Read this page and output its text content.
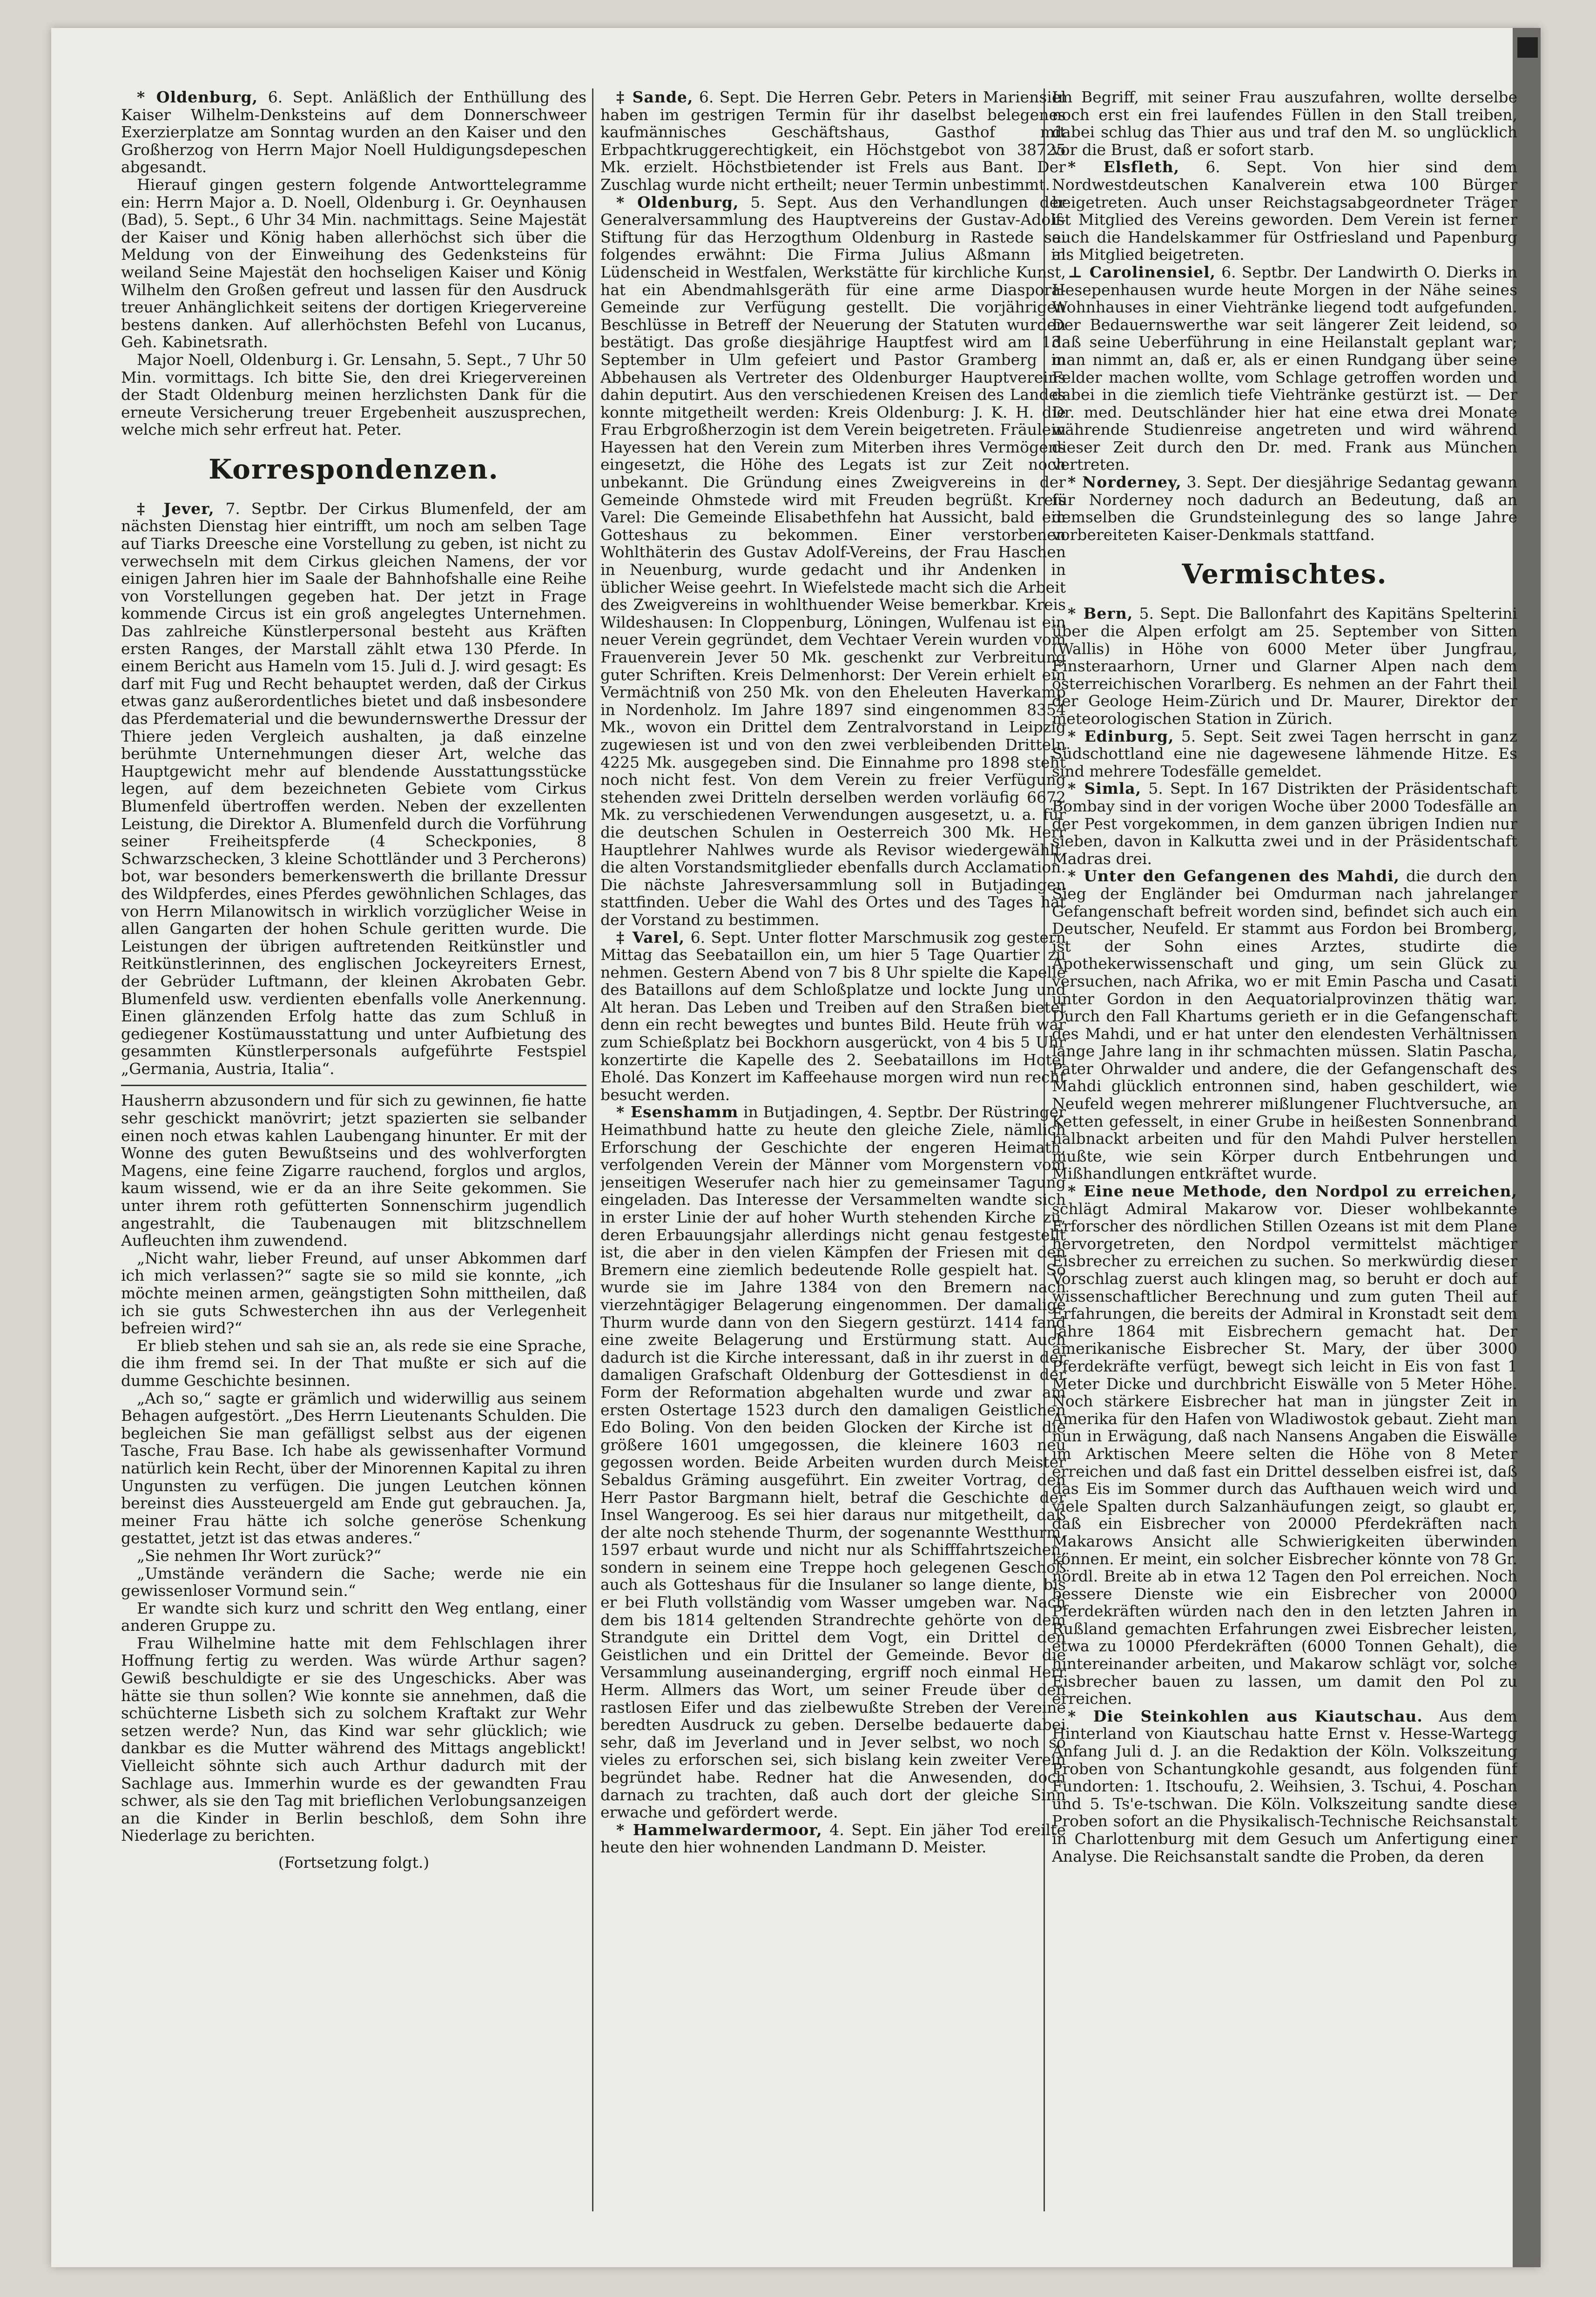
* Oldenburg, 6. Sept. Anläßlich der Enthüllung des Kaiser Wilhelm-Denksteins auf dem Donnerschweer Exerzierplatze am Sonntag wurden an den Kaiser und den Großherzog von Herrn Major Noell Huldigungsdepeschen abgesandt.

Hierauf gingen gestern folgende Antworttelegramme ein: Herrn Major a. D. Noell, Oldenburg i. Gr. Oeynhausen (Bad), 5. Sept., 6 Uhr 34 Min. nachmittags. Seine Majestät der Kaiser und König haben allerhöchst sich über die Meldung von der Einweihung des Gedenksteins für weiland Seine Majestät den hochseligen Kaiser und König Wilhelm den Großen gefreut und lassen für den Ausdruck treuer Anhänglichkeit seitens der dortigen Kriegervereine bestens danken. Auf allerhöchsten Befehl von Lucanus, Geh. Kabinetsrath.

Major Noell, Oldenburg i. Gr. Lensahn, 5. Sept., 7 Uhr 50 Min. vormittags. Ich bitte Sie, den drei Kriegervereinen der Stadt Oldenburg meinen herzlichsten Dank für die erneute Versicherung treuer Ergebenheit auszusprechen, welche mich sehr erfreut hat. Peter.

Korrespondenzen.

‡ Jever, 7. Septbr. Der Cirkus Blumenfeld, der am nächsten Dienstag hier eintrifft, um noch am selben Tage auf Tiarks Dreesche eine Vorstellung zu geben, ist nicht zu verwechseln mit dem Cirkus gleichen Namens, der vor einigen Jahren hier im Saale der Bahnhofshalle eine Reihe von Vorstellungen gegeben hat. Der jetzt in Frage kommende Circus ist ein groß angelegtes Unternehmen. Das zahlreiche Künstlerpersonal besteht aus Kräften ersten Ranges, der Marstall zählt etwa 130 Pferde. In einem Bericht aus Hameln vom 15. Juli d. J. wird gesagt: Es darf mit Fug und Recht behauptet werden, daß der Cirkus etwas ganz außerordentliches bietet und daß insbesondere das Pferdematerial und die bewundernswerthe Dressur der Thiere jeden Vergleich aushalten, ja daß einzelne berühmte Unternehmungen dieser Art, welche das Hauptgewicht mehr auf blendende Ausstattungsstücke legen, auf dem bezeichneten Gebiete vom Cirkus Blumenfeld übertroffen werden. Neben der exzellenten Leistung, die Direktor A. Blumenfeld durch die Vorführung seiner Freiheitspferde (4 Scheckponies, 8 Schwarzschecken, 3 kleine Schottländer und 3 Percherons) bot, war besonders bemerkenswerth die brillante Dressur des Wildpferdes, eines Pferdes gewöhnlichen Schlages, das von Herrn Milanowitsch in wirklich vorzüglicher Weise in allen Gangarten der hohen Schule geritten wurde. Die Leistungen der übrigen auftretenden Reitkünstler und Reitkünstlerinnen, des englischen Jockeyreiters Ernest, der Gebrüder Luftmann, der kleinen Akrobaten Gebr. Blumenfeld usw. verdienten ebenfalls volle Anerkennung. Einen glänzenden Erfolg hatte das zum Schluß in gediegener Kostümausstattung und unter Aufbietung des gesammten Künstlerpersonals aufgeführte Festspiel „Germania, Austria, Italia“.

Hausherrn abzusondern und für sich zu gewinnen, fie hatte sehr geschickt manövrirt; jetzt spazierten sie selbander einen noch etwas kahlen Laubengang hinunter. Er mit der Wonne des guten Bewußtseins und des wohlverforgten Magens, eine feine Zigarre rauchend, forglos und arglos, kaum wissend, wie er da an ihre Seite gekommen. Sie unter ihrem roth gefütterten Sonnenschirm jugendlich angestrahlt, die Taubenaugen mit blitzschnellem Aufleuchten ihm zuwendend.

„Nicht wahr, lieber Freund, auf unser Abkommen darf ich mich verlassen?“ sagte sie so mild sie konnte, „ich möchte meinen armen, geängstigten Sohn mittheilen, daß ich sie guts Schwesterchen ihn aus der Verlegenheit befreien wird?“

Er blieb stehen und sah sie an, als rede sie eine Sprache, die ihm fremd sei. In der That mußte er sich auf die dumme Geschichte besinnen.

„Ach so,“ sagte er grämlich und widerwillig aus seinem Behagen aufgestört. „Des Herrn Lieutenants Schulden. Die begleichen Sie man gefälligst selbst aus der eigenen Tasche, Frau Base. Ich habe als gewissenhafter Vormund natürlich kein Recht, über der Minorennen Kapital zu ihren Ungunsten zu verfügen. Die jungen Leutchen können bereinst dies Aussteuergeld am Ende gut gebrauchen. Ja, meiner Frau hätte ich solche generöse Schenkung gestattet, jetzt ist das etwas anderes.“

„Sie nehmen Ihr Wort zurück?“

„Umstände verändern die Sache; werde nie ein gewissenloser Vormund sein.“

Er wandte sich kurz und schritt den Weg entlang, einer anderen Gruppe zu.

Frau Wilhelmine hatte mit dem Fehlschlagen ihrer Hoffnung fertig zu werden. Was würde Arthur sagen? Gewiß beschuldigte er sie des Ungeschicks. Aber was hätte sie thun sollen? Wie konnte sie annehmen, daß die schüchterne Lisbeth sich zu solchem Kraftakt zur Wehr setzen werde? Nun, das Kind war sehr glücklich; wie dankbar es die Mutter während des Mittags angeblickt! Vielleicht söhnte sich auch Arthur dadurch mit der Sachlage aus. Immerhin wurde es der gewandten Frau schwer, als sie den Tag mit brieflichen Verlobungsanzeigen an die Kinder in Berlin beschloß, dem Sohn ihre Niederlage zu berichten.

(Fortsetzung folgt.)

‡ Sande, 6. Sept. Die Herren Gebr. Peters in Mariensiel haben im gestrigen Termin für ihr daselbst belegenes kaufmännisches Geschäftshaus, Gasthof mit Erbpachtkruggerechtigkeit, ein Höchstgebot von 38725 Mk. erzielt. Höchstbietender ist Frels aus Bant. Der Zuschlag wurde nicht ertheilt; neuer Termin unbestimmt.

* Oldenburg, 5. Sept. Aus den Verhandlungen der Generalversammlung des Hauptvereins der Gustav-Adolf-Stiftung für das Herzogthum Oldenburg in Rastede sei folgendes erwähnt: Die Firma Julius Aßmann in Lüdenscheid in Westfalen, Werkstätte für kirchliche Kunst, hat ein Abendmahlsgeräth für eine arme Diaspora-Gemeinde zur Verfügung gestellt. Die vorjährigen Beschlüsse in Betreff der Neuerung der Statuten wurden bestätigt. Das große diesjährige Hauptfest wird am 13. September in Ulm gefeiert und Pastor Gramberg in Abbehausen als Vertreter des Oldenburger Hauptvereins dahin deputirt. Aus den verschiedenen Kreisen des Landes konnte mitgetheilt werden: Kreis Oldenburg: J. K. H. die Frau Erbgroßherzogin ist dem Verein beigetreten. Fräulein Hayessen hat den Verein zum Miterben ihres Vermögens eingesetzt, die Höhe des Legats ist zur Zeit noch unbekannt. Die Gründung eines Zweigvereins in der Gemeinde Ohmstede wird mit Freuden begrüßt. Kreis Varel: Die Gemeinde Elisabethfehn hat Aussicht, bald ein Gotteshaus zu bekommen. Einer verstorbenen Wohlthäterin des Gustav Adolf-Vereins, der Frau Haschen in Neuenburg, wurde gedacht und ihr Andenken in üblicher Weise geehrt. In Wiefelstede macht sich die Arbeit des Zweigvereins in wohlthuender Weise bemerkbar. Kreis Wildeshausen: In Cloppenburg, Löningen, Wulfenau ist ein neuer Verein gegründet, dem Vechtaer Verein wurden vom Frauenverein Jever 50 Mk. geschenkt zur Verbreitung guter Schriften. Kreis Delmenhorst: Der Verein erhielt ein Vermächtniß von 250 Mk. von den Eheleuten Haverkamp in Nordenholz. Im Jahre 1897 sind eingenommen 8354 Mk., wovon ein Drittel dem Zentralvorstand in Leipzig zugewiesen ist und von den zwei verbleibenden Dritteln 4225 Mk. ausgegeben sind. Die Einnahme pro 1898 steht noch nicht fest. Von dem Verein zu freier Verfügung stehenden zwei Dritteln derselben werden vorläufig 6672 Mk. zu verschiedenen Verwendungen ausgesetzt, u. a. für die deutschen Schulen in Oesterreich 300 Mk. Herr Hauptlehrer Nahlwes wurde als Revisor wiedergewählt, die alten Vorstandsmitglieder ebenfalls durch Acclamation. Die nächste Jahresversammlung soll in Butjadingen stattfinden. Ueber die Wahl des Ortes und des Tages hat der Vorstand zu bestimmen.

‡ Varel, 6. Sept. Unter flotter Marschmusik zog gestern Mittag das Seebataillon ein, um hier 5 Tage Quartier zu nehmen. Gestern Abend von 7 bis 8 Uhr spielte die Kapelle des Bataillons auf dem Schloßplatze und lockte Jung und Alt heran. Das Leben und Treiben auf den Straßen bietet denn ein recht bewegtes und buntes Bild. Heute früh war zum Schießplatz bei Bockhorn ausgerückt, von 4 bis 5 Uhr konzertirte die Kapelle des 2. Seebataillons im Hotel Eholé. Das Konzert im Kaffeehause morgen wird nun recht besucht werden.

* Esenshamm in Butjadingen, 4. Septbr. Der Rüstringer Heimathbund hatte zu heute den gleiche Ziele, nämlich Erforschung der Geschichte der engeren Heimath, verfolgenden Verein der Männer vom Morgenstern vom jenseitigen Weserufer nach hier zu gemeinsamer Tagung eingeladen. Das Interesse der Versammelten wandte sich in erster Linie der auf hoher Wurth stehenden Kirche zu, deren Erbauungsjahr allerdings nicht genau festgestellt ist, die aber in den vielen Kämpfen der Friesen mit den Bremern eine ziemlich bedeutende Rolle gespielt hat. So wurde sie im Jahre 1384 von den Bremern nach vierzehntägiger Belagerung eingenommen. Der damalige Thurm wurde dann von den Siegern gestürzt. 1414 fand eine zweite Belagerung und Erstürmung statt. Auch dadurch ist die Kirche interessant, daß in ihr zuerst in der damaligen Grafschaft Oldenburg der Gottesdienst in der Form der Reformation abgehalten wurde und zwar am ersten Ostertage 1523 durch den damaligen Geistlichen Edo Boling. Von den beiden Glocken der Kirche ist die größere 1601 umgegossen, die kleinere 1603 neu gegossen worden. Beide Arbeiten wurden durch Meister Sebaldus Gräming ausgeführt. Ein zweiter Vortrag, den Herr Pastor Bargmann hielt, betraf die Geschichte der Insel Wangeroog. Es sei hier daraus nur mitgetheilt, daß der alte noch stehende Thurm, der sogenannte Westthurm, 1597 erbaut wurde und nicht nur als Schifffahrtszeichen, sondern in seinem eine Treppe hoch gelegenen Geschoß auch als Gotteshaus für die Insulaner so lange diente, bis er bei Fluth vollständig vom Wasser umgeben war. Nach dem bis 1814 geltenden Strandrechte gehörte von dem Strandgute ein Drittel dem Vogt, ein Drittel den Geistlichen und ein Drittel der Gemeinde. Bevor die Versammlung auseinanderging, ergriff noch einmal Herr Herm. Allmers das Wort, um seiner Freude über den rastlosen Eifer und das zielbewußte Streben der Vereine beredten Ausdruck zu geben. Derselbe bedauerte dabei sehr, daß im Jeverland und in Jever selbst, wo noch so vieles zu erforschen sei, sich bislang kein zweiter Verein begründet habe. Redner hat die Anwesenden, doch darnach zu trachten, daß auch dort der gleiche Sinn erwache und gefördert werde.

* Hammelwardermoor, 4. Sept. Ein jäher Tod ereilte heute den hier wohnenden Landmann D. Meister.

Im Begriff, mit seiner Frau auszufahren, wollte derselbe noch erst ein frei laufendes Füllen in den Stall treiben, dabei schlug das Thier aus und traf den M. so unglücklich vor die Brust, daß er sofort starb.

* Elsfleth, 6. Sept. Von hier sind dem Nordwestdeutschen Kanalverein etwa 100 Bürger beigetreten. Auch unser Reichstagsabgeordneter Träger ist Mitglied des Vereins geworden. Dem Verein ist ferner auch die Handelskammer für Ostfriesland und Papenburg als Mitglied beigetreten.

⊥ Carolinensiel, 6. Septbr. Der Landwirth O. Dierks in Hesepenhausen wurde heute Morgen in der Nähe seines Wohnhauses in einer Viehtränke liegend todt aufgefunden. Der Bedauernswerthe war seit längerer Zeit leidend, so daß seine Ueberführung in eine Heilanstalt geplant war; man nimmt an, daß er, als er einen Rundgang über seine Felder machen wollte, vom Schlage getroffen worden und dabei in die ziemlich tiefe Viehtränke gestürzt ist. — Der Dr. med. Deutschländer hier hat eine etwa drei Monate währende Studienreise angetreten und wird während dieser Zeit durch den Dr. med. Frank aus München vertreten.

* Norderney, 3. Sept. Der diesjährige Sedantag gewann für Norderney noch dadurch an Bedeutung, daß an demselben die Grundsteinlegung des so lange Jahre vorbereiteten Kaiser-Denkmals stattfand.

Vermischtes.

* Bern, 5. Sept. Die Ballonfahrt des Kapitäns Spelterini über die Alpen erfolgt am 25. September von Sitten (Wallis) in Höhe von 6000 Meter über Jungfrau, Finsteraarhorn, Urner und Glarner Alpen nach dem österreichischen Vorarlberg. Es nehmen an der Fahrt theil der Geologe Heim-Zürich und Dr. Maurer, Direktor der meteorologischen Station in Zürich.

* Edinburg, 5. Sept. Seit zwei Tagen herrscht in ganz Südschottland eine nie dagewesene lähmende Hitze. Es sind mehrere Todesfälle gemeldet.

* Simla, 5. Sept. In 167 Distrikten der Präsidentschaft Bombay sind in der vorigen Woche über 2000 Todesfälle an der Pest vorgekommen, in dem ganzen übrigen Indien nur sieben, davon in Kalkutta zwei und in der Präsidentschaft Madras drei.

* Unter den Gefangenen des Mahdi, die durch den Sieg der Engländer bei Omdurman nach jahrelanger Gefangenschaft befreit worden sind, befindet sich auch ein Deutscher, Neufeld. Er stammt aus Fordon bei Bromberg, ist der Sohn eines Arztes, studirte die Apothekerwissenschaft und ging, um sein Glück zu versuchen, nach Afrika, wo er mit Emin Pascha und Casati unter Gordon in den Aequatorialprovinzen thätig war. Durch den Fall Khartums gerieth er in die Gefangenschaft des Mahdi, und er hat unter den elendesten Verhältnissen lange Jahre lang in ihr schmachten müssen. Slatin Pascha, Pater Ohrwalder und andere, die der Gefangenschaft des Mahdi glücklich entronnen sind, haben geschildert, wie Neufeld wegen mehrerer mißlungener Fluchtversuche, an Ketten gefesselt, in einer Grube in heißesten Sonnenbrand halbnackt arbeiten und für den Mahdi Pulver herstellen mußte, wie sein Körper durch Entbehrungen und Mißhandlungen entkräftet wurde.

* Eine neue Methode, den Nordpol zu erreichen, schlägt Admiral Makarow vor. Dieser wohlbekannte Erforscher des nördlichen Stillen Ozeans ist mit dem Plane hervorgetreten, den Nordpol vermittelst mächtiger Eisbrecher zu erreichen zu suchen. So merkwürdig dieser Vorschlag zuerst auch klingen mag, so beruht er doch auf wissenschaftlicher Berechnung und zum guten Theil auf Erfahrungen, die bereits der Admiral in Kronstadt seit dem Jahre 1864 mit Eisbrechern gemacht hat. Der amerikanische Eisbrecher St. Mary, der über 3000 Pferdekräfte verfügt, bewegt sich leicht in Eis von fast 1 Meter Dicke und durchbricht Eiswälle von 5 Meter Höhe. Noch stärkere Eisbrecher hat man in jüngster Zeit in Amerika für den Hafen von Wladiwostok gebaut. Zieht man nun in Erwägung, daß nach Nansens Angaben die Eiswälle im Arktischen Meere selten die Höhe von 8 Meter erreichen und daß fast ein Drittel desselben eisfrei ist, daß das Eis im Sommer durch das Aufthauen weich wird und viele Spalten durch Salzanhäufungen zeigt, so glaubt er, daß ein Eisbrecher von 20000 Pferdekräften nach Makarows Ansicht alle Schwierigkeiten überwinden können. Er meint, ein solcher Eisbrecher könnte von 78 Gr. nördl. Breite ab in etwa 12 Tagen den Pol erreichen. Noch bessere Dienste wie ein Eisbrecher von 20000 Pferdekräften würden nach den in den letzten Jahren in Rußland gemachten Erfahrungen zwei Eisbrecher leisten, etwa zu 10000 Pferdekräften (6000 Tonnen Gehalt), die hintereinander arbeiten, und Makarow schlägt vor, solche Eisbrecher bauen zu lassen, um damit den Pol zu erreichen.

* Die Steinkohlen aus Kiautschau. Aus dem Hinterland von Kiautschau hatte Ernst v. Hesse-Wartegg Anfang Juli d. J. an die Redaktion der Köln. Volkszeitung Proben von Schantungkohle gesandt, aus folgenden fünf Fundorten: 1. Itschoufu, 2. Weihsien, 3. Tschui, 4. Poschan und 5. Ts'e-tschwan. Die Köln. Volkszeitung sandte diese Proben sofort an die Physikalisch-Technische Reichsanstalt in Charlottenburg mit dem Gesuch um Anfertigung einer Analyse. Die Reichsanstalt sandte die Proben, da deren
